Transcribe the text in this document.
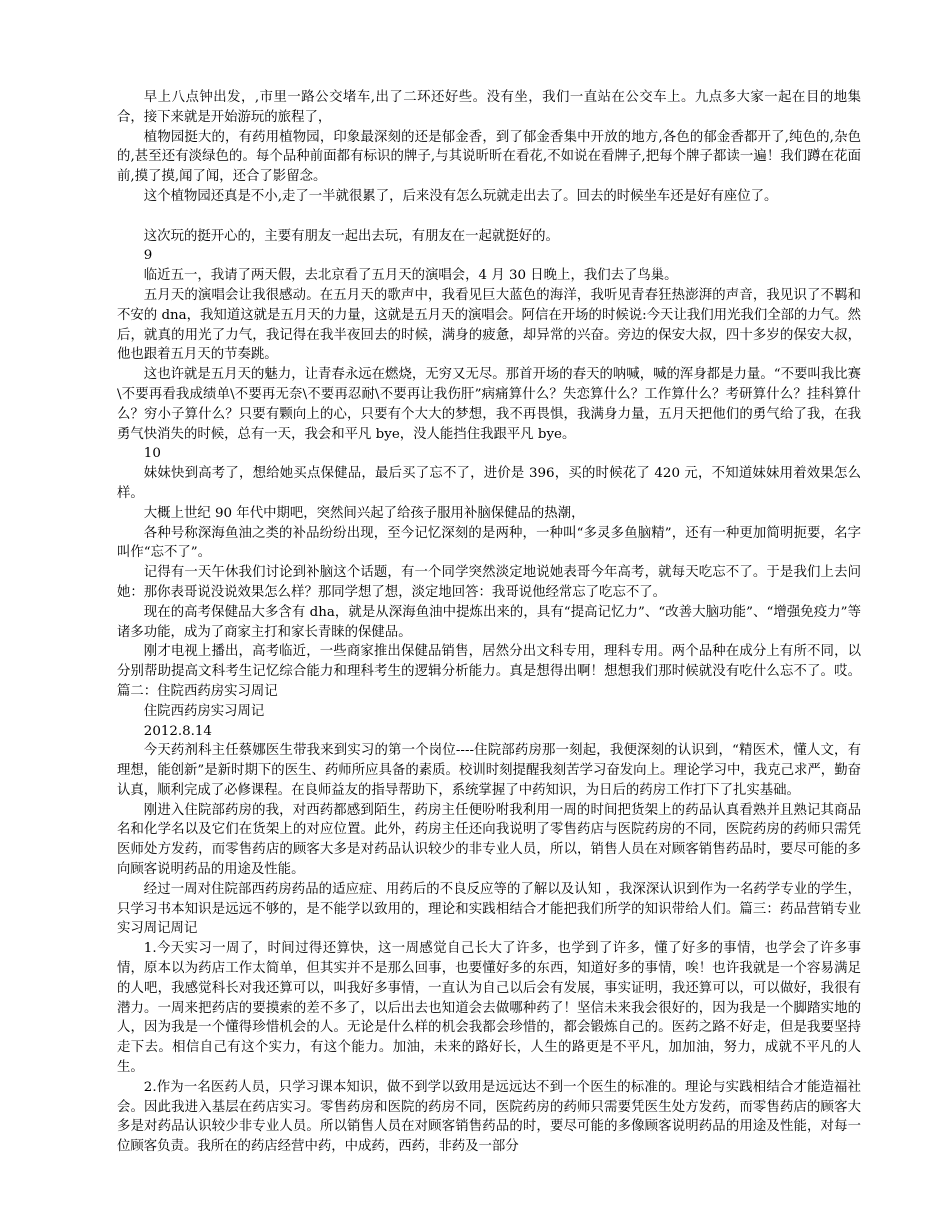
早上八点钟出发，,市里一路公交堵车,出了二环还好些。没有坐，我们一直站在公交车上。九点多大家一起在目的地集合，接下来就是开始游玩的旅程了，

植物园挺大的，有药用植物园，印象最深刻的还是郁金香，到了郁金香集中开放的地方,各色的郁金香都开了,纯色的,杂色的,甚至还有淡绿色的。每个品种前面都有标识的牌子,与其说昕昕在看花,不如说在看牌子,把每个牌子都读一遍！我们蹲在花面前,摸了摸,闻了闻，还合了影留念。

这个植物园还真是不小,走了一半就很累了，后来没有怎么玩就走出去了。回去的时候坐车还是好有座位了。

这次玩的挺开心的，主要有朋友一起出去玩，有朋友在一起就挺好的。

9

临近五一，我请了两天假，去北京看了五月天的演唱会，4 月 30 日晚上，我们去了鸟巢。

五月天的演唱会让我很感动。在五月天的歌声中，我看见巨大蓝色的海洋，我听见青春狂热澎湃的声音，我见识了不羁和不安的 dna，我知道这就是五月天的力量，这就是五月天的演唱会。阿信在开场的时候说:今天让我们用光我们全部的力气。然后，就真的用光了力气，我记得在我半夜回去的时候，满身的疲惫，却异常的兴奋。旁边的保安大叔，四十多岁的保安大叔，他也跟着五月天的节奏跳。

这也许就是五月天的魅力，让青春永远在燃烧，无穷又无尽。那首开场的春天的呐喊，喊的浑身都是力量。“不要叫我比赛\不要再看我成绩单\不要再无奈\不要再忍耐\不要再让我伤肝”病痛算什么？失恋算什么？工作算什么？考研算什么？挂科算什么？穷小子算什么？只要有颗向上的心，只要有个大大的梦想，我不再畏惧，我满身力量，五月天把他们的勇气给了我，在我勇气快消失的时候，总有一天，我会和平凡 bye，没人能挡住我跟平凡 bye。

10

妹妹快到高考了，想给她买点保健品，最后买了忘不了，进价是 396，买的时候花了 420 元，不知道妹妹用着效果怎么样。

大概上世纪 90 年代中期吧，突然间兴起了给孩子服用补脑保健品的热潮，

各种号称深海鱼油之类的补品纷纷出现，至今记忆深刻的是两种，一种叫“多灵多鱼脑精”，还有一种更加简明扼要，名字叫作“忘不了”。

记得有一天午休我们讨论到补脑这个话题，有一个同学突然淡定地说她表哥今年高考，就每天吃忘不了。于是我们上去问她：那你表哥说没说效果怎么样？那同学想了想，淡定地回答：我哥说他经常忘了吃忘不了。

现在的高考保健品大多含有 dha，就是从深海鱼油中提炼出来的，具有“提高记忆力”、“改善大脑功能”、“增强免疫力”等诸多功能，成为了商家主打和家长青睐的保健品。

刚才电视上播出，高考临近，一些商家推出保健品销售，居然分出文科专用，理科专用。两个品种在成分上有所不同，以分别帮助提高文科考生记忆综合能力和理科考生的逻辑分析能力。真是想得出啊！想想我们那时候就没有吃什么忘不了。哎。篇二：住院西药房实习周记

住院西药房实习周记

2012.8.14

今天药剂科主任蔡娜医生带我来到实习的第一个岗位----住院部药房那一刻起，我便深刻的认识到，“精医术，懂人文，有理想，能创新”是新时期下的医生、药师所应具备的素质。校训时刻提醒我刻苦学习奋发向上。理论学习中，我克己求严，勤奋认真，顺利完成了必修课程。在良师益友的指导帮助下，系统掌握了中药知识，为日后的药房工作打下了扎实基础。

刚进入住院部药房的我，对西药都感到陌生，药房主任便吩咐我利用一周的时间把货架上的药品认真看熟并且熟记其商品名和化学名以及它们在货架上的对应位置。此外，药房主任还向我说明了零售药店与医院药房的不同，医院药房的药师只需凭医师处方发药，而零售药店的顾客大多是对药品认识较少的非专业人员，所以，销售人员在对顾客销售药品时，要尽可能的多向顾客说明药品的用途及性能。

经过一周对住院部西药房药品的适应症、用药后的不良反应等的了解以及认知 ，我深深认识到作为一名药学专业的学生，只学习书本知识是远远不够的，是不能学以致用的，理论和实践相结合才能把我们所学的知识带给人们。篇三：药品营销专业实习周记周记

1.今天实习一周了，时间过得还算快，这一周感觉自己长大了许多，也学到了许多，懂了好多的事情，也学会了许多事情，原本以为药店工作太简单，但其实并不是那么回事，也要懂好多的东西，知道好多的事情，唉！也许我就是一个容易满足的人吧，我感觉科长对我还算可以，叫我好多事情，一直认为自己以后会有发展，事实证明，我还算可以，可以做好，我很有潜力。一周来把药店的要摸索的差不多了，以后出去也知道会去做哪种药了！坚信未来我会很好的，因为我是一个脚踏实地的人，因为我是一个懂得珍惜机会的人。无论是什么样的机会我都会珍惜的，都会锻炼自己的。医药之路不好走，但是我要坚持走下去。相信自己有这个实力，有这个能力。加油，未来的路好长，人生的路更是不平凡，加加油，努力，成就不平凡的人生。

2.作为一名医药人员，只学习课本知识，做不到学以致用是远远达不到一个医生的标准的。理论与实践相结合才能造福社会。因此我进入基层在药店实习。零售药房和医院的药房不同，医院药房的药师只需要凭医生处方发药，而零售药店的顾客大多是对药品认识较少非专业人员。所以销售人员在对顾客销售药品的时，要尽可能的多像顾客说明药品的用途及性能，对每一位顾客负责。我所在的药店经营中药，中成药，西药，非药及一部分
